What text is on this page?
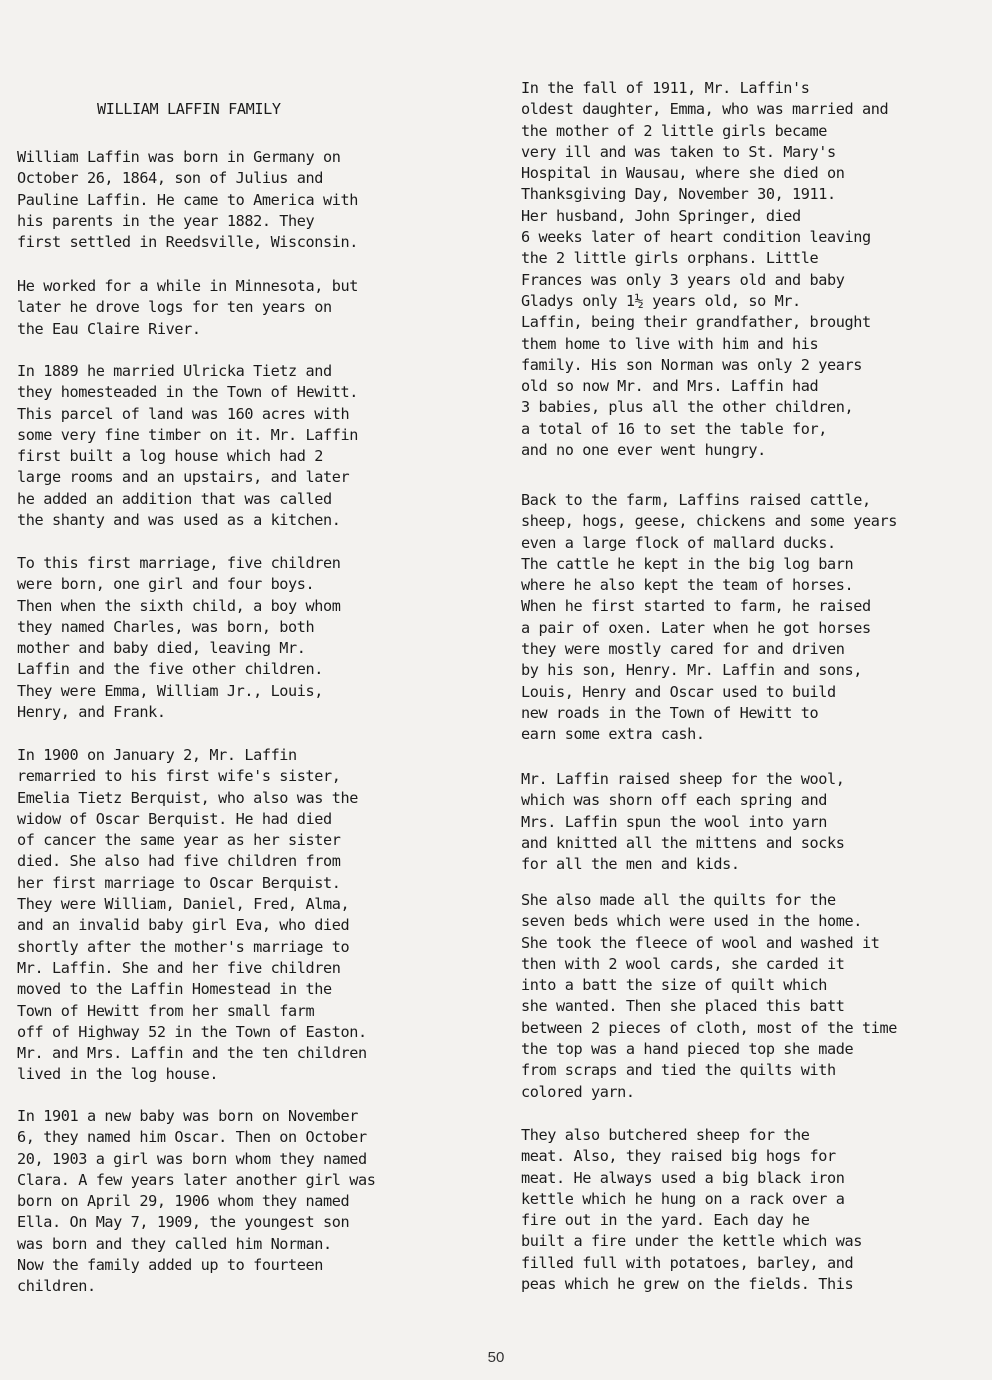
WILLIAM LAFFIN FAMILY
William Laffin was born in Germany on
October 26, 1864, son of Julius and
Pauline Laffin. He came to America with
his parents in the year 1882. They
first settled in Reedsville, Wisconsin.
He worked for a while in Minnesota, but
later he drove logs for ten years on
the Eau Claire River.
In 1889 he married Ulricka Tietz and
they homesteaded in the Town of Hewitt.
This parcel of land was 160 acres with
some very fine timber on it. Mr. Laffin
first built a log house which had 2
large rooms and an upstairs, and later
he added an addition that was called
the shanty and was used as a kitchen.
To this first marriage, five children
were born, one girl and four boys.
Then when the sixth child, a boy whom
they named Charles, was born, both
mother and baby died, leaving Mr.
Laffin and the five other children.
They were Emma, William Jr., Louis,
Henry, and Frank.
In 1900 on January 2, Mr. Laffin
remarried to his first wife's sister,
Emelia Tietz Berquist, who also was the
widow of Oscar Berquist. He had died
of cancer the same year as her sister
died. She also had five children from
her first marriage to Oscar Berquist.
They were William, Daniel, Fred, Alma,
and an invalid baby girl Eva, who died
shortly after the mother's marriage to
Mr. Laffin. She and her five children
moved to the Laffin Homestead in the
Town of Hewitt from her small farm
off of Highway 52 in the Town of Easton.
Mr. and Mrs. Laffin and the ten children
lived in the log house.
In 1901 a new baby was born on November
6, they named him Oscar. Then on October
20, 1903 a girl was born whom they named
Clara. A few years later another girl was
born on April 29, 1906 whom they named
Ella. On May 7, 1909, the youngest son
was born and they called him Norman.
Now the family added up to fourteen
children.
In the fall of 1911, Mr. Laffin's
oldest daughter, Emma, who was married and
the mother of 2 little girls became
very ill and was taken to St. Mary's
Hospital in Wausau, where she died on
Thanksgiving Day, November 30, 1911.
Her husband, John Springer, died
6 weeks later of heart condition leaving
the 2 little girls orphans. Little
Frances was only 3 years old and baby
Gladys only 1½ years old, so Mr.
Laffin, being their grandfather, brought
them home to live with him and his
family. His son Norman was only 2 years
old so now Mr. and Mrs. Laffin had
3 babies, plus all the other children,
a total of 16 to set the table for,
and no one ever went hungry.
Back to the farm, Laffins raised cattle,
sheep, hogs, geese, chickens and some years
even a large flock of mallard ducks.
The cattle he kept in the big log barn
where he also kept the team of horses.
When he first started to farm, he raised
a pair of oxen. Later when he got horses
they were mostly cared for and driven
by his son, Henry. Mr. Laffin and sons,
Louis, Henry and Oscar used to build
new roads in the Town of Hewitt to
earn some extra cash.
Mr. Laffin raised sheep for the wool,
which was shorn off each spring and
Mrs. Laffin spun the wool into yarn
and knitted all the mittens and socks
for all the men and kids.
She also made all the quilts for the
seven beds which were used in the home.
She took the fleece of wool and washed it
then with 2 wool cards, she carded it
into a batt the size of quilt which
she wanted. Then she placed this batt
between 2 pieces of cloth, most of the time
the top was a hand pieced top she made
from scraps and tied the quilts with
colored yarn.
They also butchered sheep for the
meat. Also, they raised big hogs for
meat. He always used a big black iron
kettle which he hung on a rack over a
fire out in the yard. Each day he
built a fire under the kettle which was
filled full with potatoes, barley, and
peas which he grew on the fields. This
50
